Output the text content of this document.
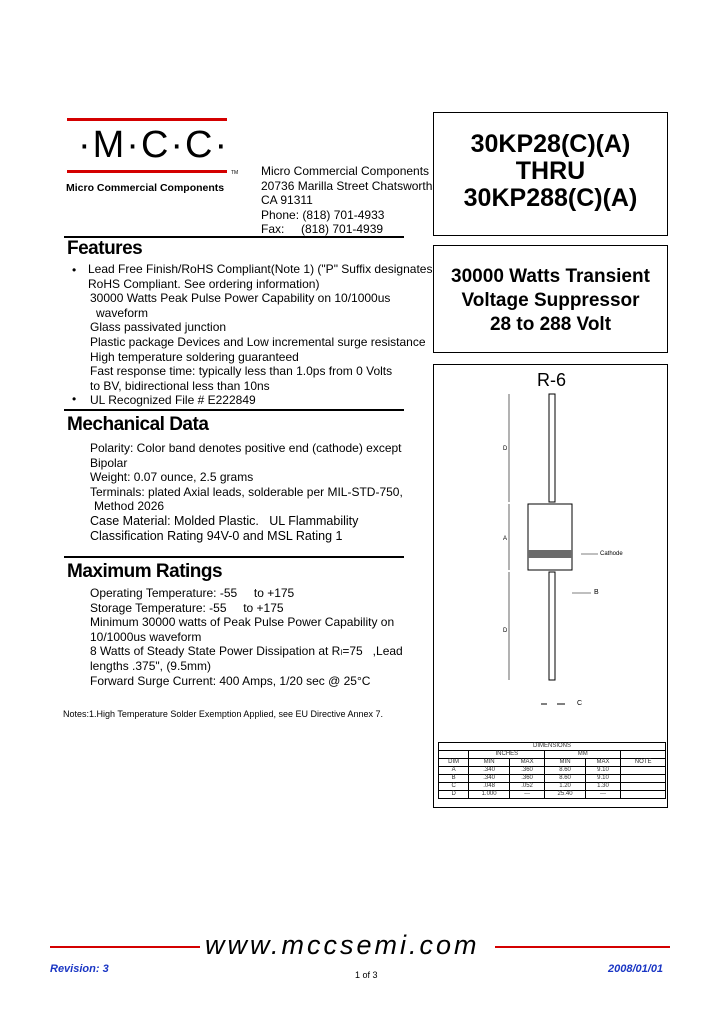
·M·C·C·
TM
Micro Commercial Components
Micro Commercial Components
20736 Marilla Street Chatsworth
CA 91311
Phone: (818) 701-4933
Fax:     (818) 701-4939
30KP28(C)(A)
THRU
30KP288(C)(A)
30000 Watts Transient
Voltage Suppressor
28 to 288 Volt
R-6
D
A
Cathode
B
D
C
DIMENSIONS					
	INCHES		MM		
DIM	MIN	MAX	MIN	MAX	NOTE
A	.340	.360	8.60	9.10	
B	.340	.360	8.60	9.10	
C	.048	.052	1.20	1.30	
D	1.000	---	25.40	---	
Features
• Lead Free Finish/RoHS Compliant(Note 1) ("P" Suffix designates
RoHS Compliant. See ordering information)
30000 Watts Peak Pulse Power Capability on 10/1000us
waveform
Glass passivated junction
Plastic package Devices and Low incremental surge resistance
High temperature soldering guaranteed
Fast response time: typically less than 1.0ps from 0 Volts
to BV, bidirectional less than 10ns
UL Recognized File # E222849
•
Mechanical Data
Polarity: Color band denotes positive end (cathode) except
Bipolar
Weight: 0.07 ounce, 2.5 grams
Terminals: plated Axial leads, solderable per MIL-STD-750,
Method 2026
Case Material: Molded Plastic.   UL Flammability
Classification Rating 94V-0 and MSL Rating 1
Maximum Ratings
Operating Temperature: -55     to +175
Storage Temperature: -55     to +175
Minimum 30000 watts of Peak Pulse Power Capability on
10/1000us waveform
8 Watts of Steady State Power Dissipation at Rₗ=75   ,Lead
lengths .375", (9.5mm)
Forward Surge Current: 400 Amps, 1/20 sec @ 25°C
Notes:1.High Temperature Solder Exemption Applied, see EU Directive Annex 7.
www.mccsemi.com
Revision: 3	1 of 3	2008/01/01
